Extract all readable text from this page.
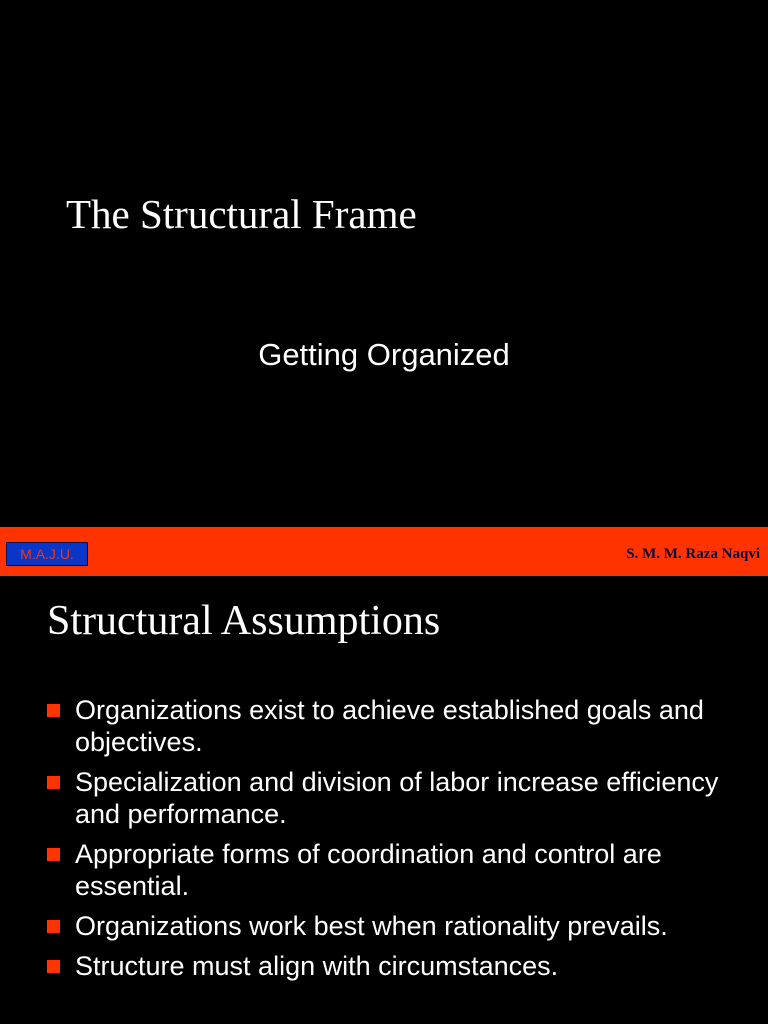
The Structural Frame
Getting Organized
M.A.J.U.	S. M. M. Raza Naqvi
Structural Assumptions
Organizations exist to achieve established goals and objectives.
Specialization and division of labor increase efficiency and performance.
Appropriate forms of coordination and control are essential.
Organizations work best when rationality prevails.
Structure must align with circumstances.
